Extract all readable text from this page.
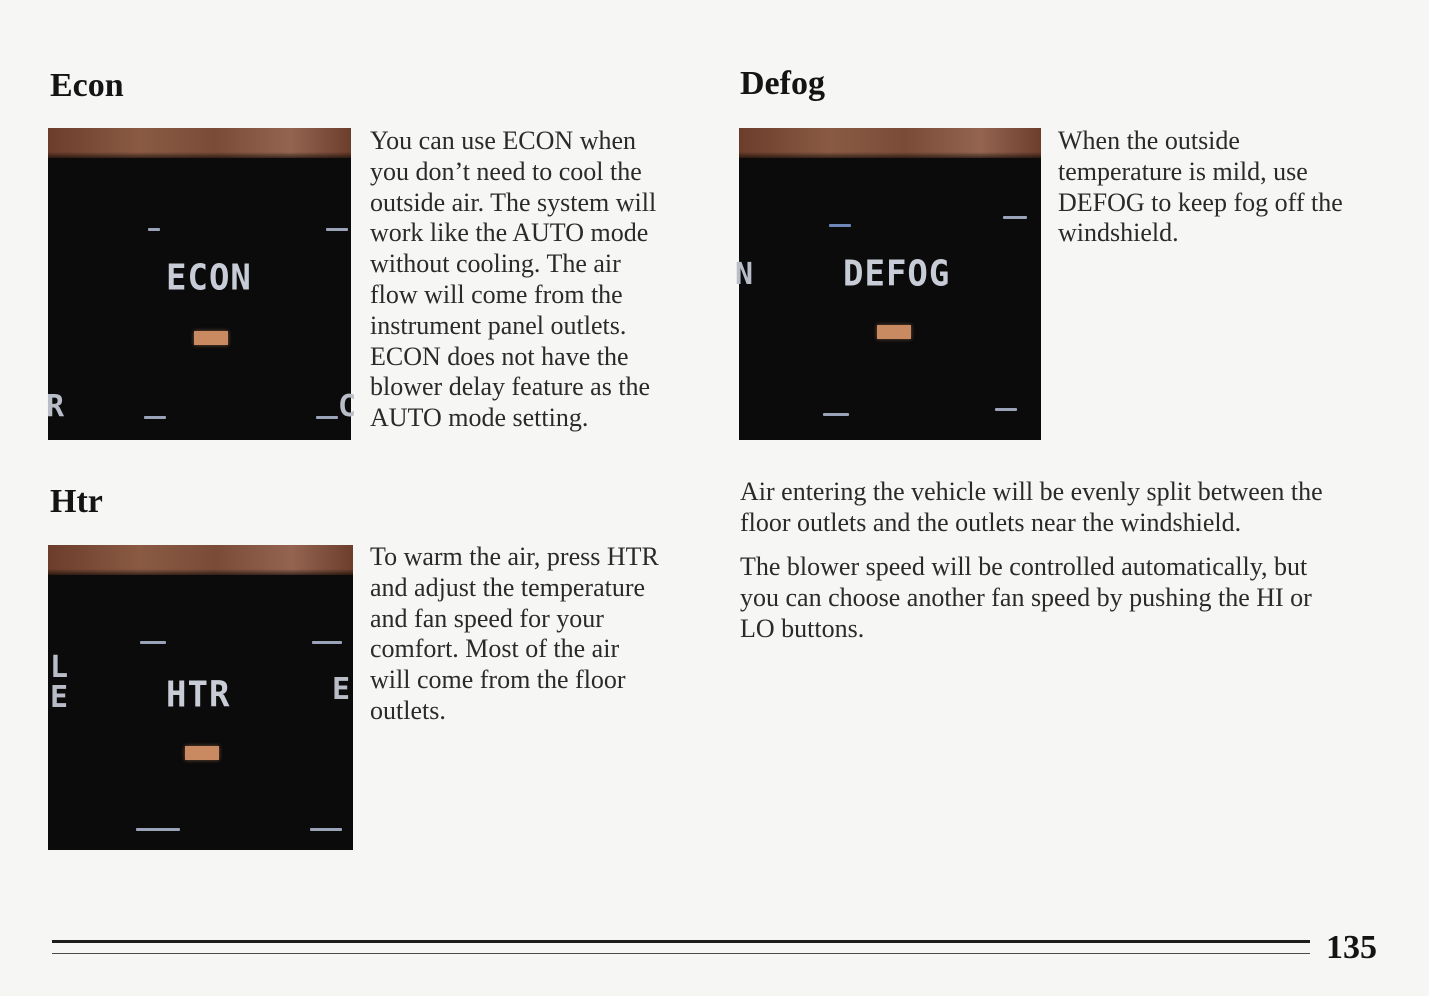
Econ
R	C
ECON

You can use ECON when
you don’t need to cool the
outside air. The system will
work like the AUTO mode
without cooling. The air
flow will come from the
instrument panel outlets.
ECON does not have the
blower delay feature as the
AUTO mode setting.

Htr
L
E	E
HTR

To warm the air, press HTR
and adjust the temperature
and fan speed for your
comfort. Most of the air
will come from the floor
outlets.

Defog
N	DEFOG

When the outside
temperature is mild, use
DEFOG to keep fog off the
windshield.

Air entering the vehicle will be evenly split between the
floor outlets and the outlets near the windshield.

The blower speed will be controlled automatically, but
you can choose another fan speed by pushing the HI or
LO buttons.

135
